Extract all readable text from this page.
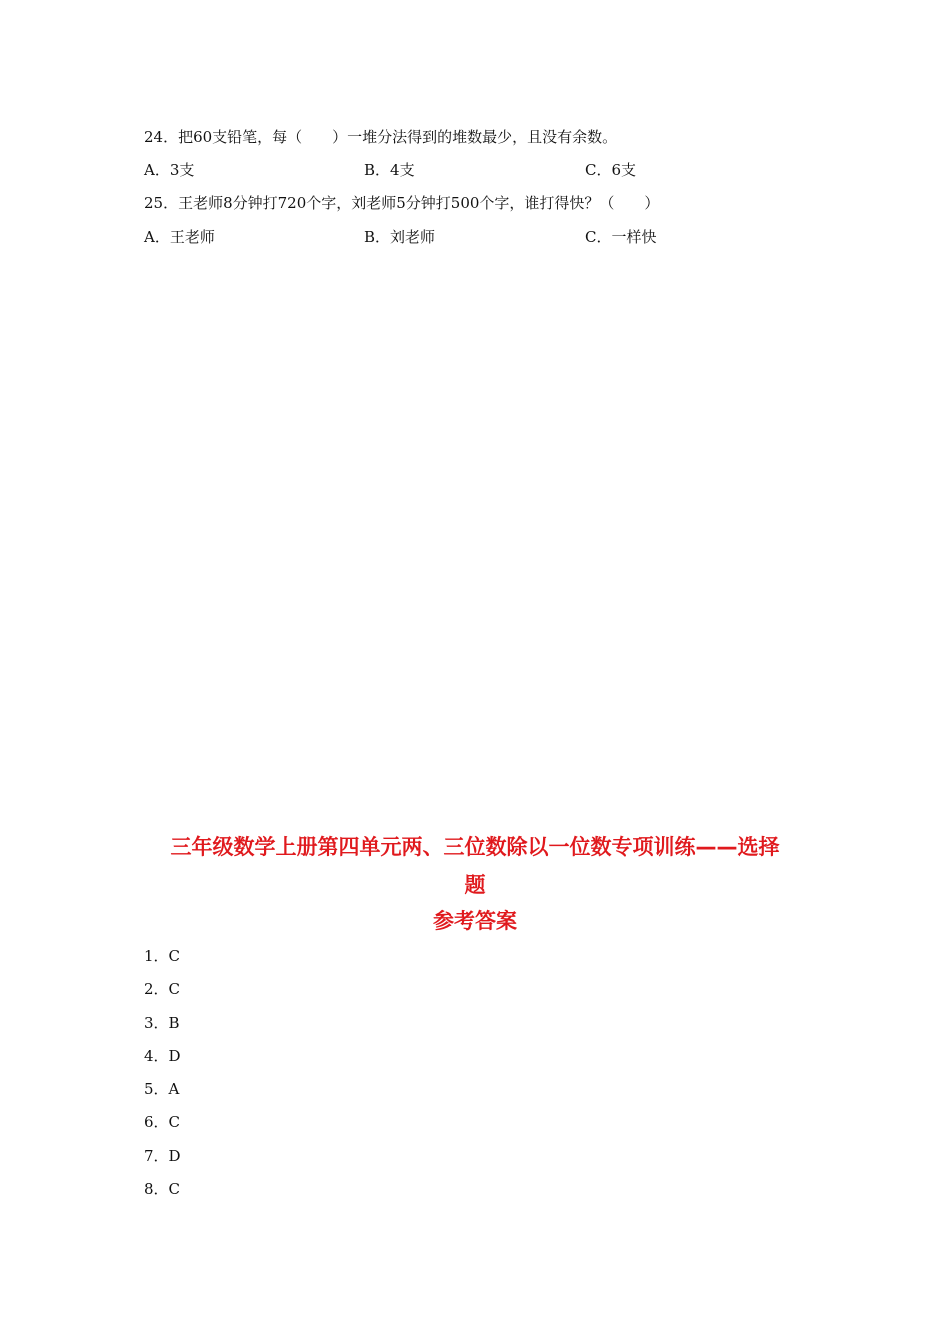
24．把60支铅笔，每（　　）一堆分法得到的堆数最少，且没有余数。
A．3支	B．4支	C．6支
25．王老师8分钟打720个字，刘老师5分钟打500个字，谁打得快？（　　）
A．王老师	B．刘老师	C．一样快
三年级数学上册第四单元两、三位数除以一位数专项训练——选择
题
参考答案
1．C
2．C
3．B
4．D
5．A
6．C
7．D
8．C
